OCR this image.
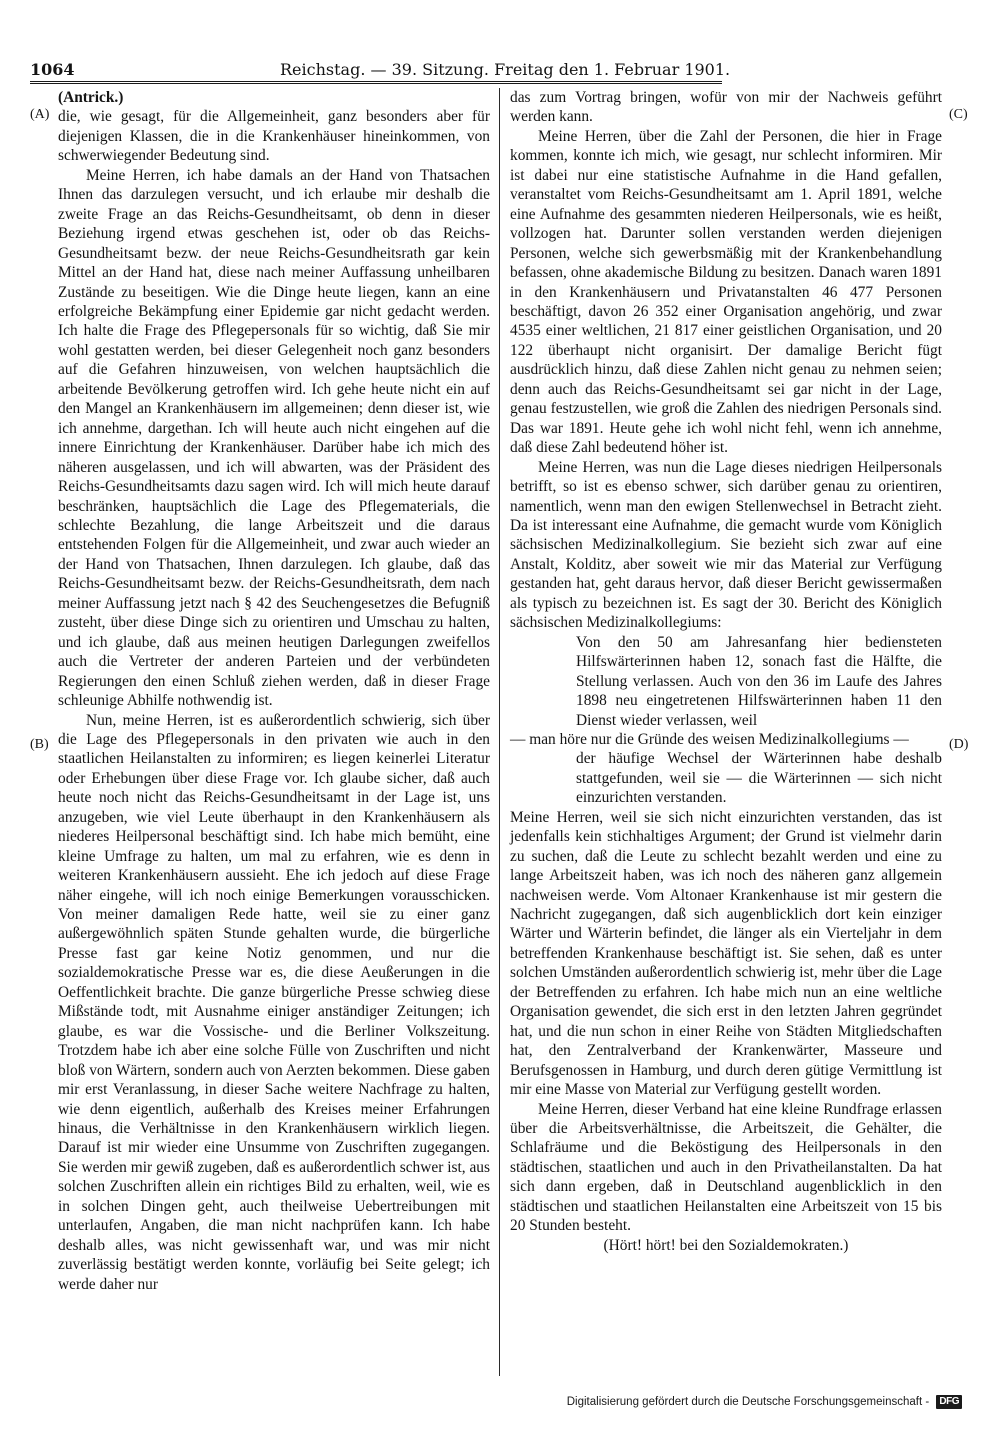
1064	Reichstag. — 39. Sitzung. Freitag den 1. Februar 1901.
(A)
(B)
(C)
(D)

(Antrick.)

die, wie gesagt, für die Allgemeinheit, ganz besonders aber für diejenigen Klassen, die in die Krankenhäuser hineinkommen, von schwerwiegender Bedeutung sind.

Meine Herren, ich habe damals an der Hand von Thatsachen Ihnen das darzulegen versucht, und ich erlaube mir deshalb die zweite Frage an das Reichs-Gesundheitsamt, ob denn in dieser Beziehung irgend etwas geschehen ist, oder ob das Reichs-Gesundheitsamt bezw. der neue Reichs-Gesundheitsrath gar kein Mittel an der Hand hat, diese nach meiner Auffassung unheilbaren Zustände zu beseitigen. Wie die Dinge heute liegen, kann an eine erfolgreiche Bekämpfung einer Epidemie gar nicht gedacht werden. Ich halte die Frage des Pflegepersonals für so wichtig, daß Sie mir wohl gestatten werden, bei dieser Gelegenheit noch ganz besonders auf die Gefahren hinzuweisen, von welchen hauptsächlich die arbeitende Bevölkerung getroffen wird. Ich gehe heute nicht ein auf den Mangel an Krankenhäusern im allgemeinen; denn dieser ist, wie ich annehme, dargethan. Ich will heute auch nicht eingehen auf die innere Einrichtung der Krankenhäuser. Darüber habe ich mich des näheren ausgelassen, und ich will abwarten, was der Präsident des Reichs-Gesundheitsamts dazu sagen wird. Ich will mich heute darauf beschränken, hauptsächlich die Lage des Pflegematerials, die schlechte Bezahlung, die lange Arbeitszeit und die daraus entstehenden Folgen für die Allgemeinheit, und zwar auch wieder an der Hand von Thatsachen, Ihnen darzulegen. Ich glaube, daß das Reichs-Gesundheitsamt bezw. der Reichs-Gesundheitsrath, dem nach meiner Auffassung jetzt nach § 42 des Seuchengesetzes die Befugniß zusteht, über diese Dinge sich zu orientiren und Umschau zu halten, und ich glaube, daß aus meinen heutigen Darlegungen zweifellos auch die Vertreter der anderen Parteien und der verbündeten Regierungen den einen Schluß ziehen werden, daß in dieser Frage schleunige Abhilfe nothwendig ist.

Nun, meine Herren, ist es außerordentlich schwierig, sich über die Lage des Pflegepersonals in den privaten wie auch in den staatlichen Heilanstalten zu informiren; es liegen keinerlei Literatur oder Erhebungen über diese Frage vor. Ich glaube sicher, daß auch heute noch nicht das Reichs-Gesundheitsamt in der Lage ist, uns anzugeben, wie viel Leute überhaupt in den Krankenhäusern als niederes Heilpersonal beschäftigt sind. Ich habe mich bemüht, eine kleine Umfrage zu halten, um mal zu erfahren, wie es denn in weiteren Krankenhäusern aussieht. Ehe ich jedoch auf diese Frage näher eingehe, will ich noch einige Bemerkungen vorausschicken. Von meiner damaligen Rede hatte, weil sie zu einer ganz außergewöhnlich späten Stunde gehalten wurde, die bürgerliche Presse fast gar keine Notiz genommen, und nur die sozialdemokratische Presse war es, die diese Aeußerungen in die Oeffentlichkeit brachte. Die ganze bürgerliche Presse schwieg diese Mißstände todt, mit Ausnahme einiger anständiger Zeitungen; ich glaube, es war die Vossische- und die Berliner Volkszeitung. Trotzdem habe ich aber eine solche Fülle von Zuschriften und nicht bloß von Wärtern, sondern auch von Aerzten bekommen. Diese gaben mir erst Veranlassung, in dieser Sache weitere Nachfrage zu halten, wie denn eigentlich, außerhalb des Kreises meiner Erfahrungen hinaus, die Verhältnisse in den Krankenhäusern wirklich liegen. Darauf ist mir wieder eine Unsumme von Zuschriften zugegangen. Sie werden mir gewiß zugeben, daß es außerordentlich schwer ist, aus solchen Zuschriften allein ein richtiges Bild zu erhalten, weil, wie es in solchen Dingen geht, auch theilweise Uebertreibungen mit unterlaufen, Angaben, die man nicht nachprüfen kann. Ich habe deshalb alles, was nicht gewissenhaft war, und was mir nicht zuverlässig bestätigt werden konnte, vorläufig bei Seite gelegt; ich werde daher nur

das zum Vortrag bringen, wofür von mir der Nachweis geführt werden kann.

Meine Herren, über die Zahl der Personen, die hier in Frage kommen, konnte ich mich, wie gesagt, nur schlecht informiren. Mir ist dabei nur eine statistische Aufnahme in die Hand gefallen, veranstaltet vom Reichs-Gesundheitsamt am 1. April 1891, welche eine Aufnahme des gesammten niederen Heilpersonals, wie es heißt, vollzogen hat. Darunter sollen verstanden werden diejenigen Personen, welche sich gewerbsmäßig mit der Krankenbehandlung befassen, ohne akademische Bildung zu besitzen. Danach waren 1891 in den Krankenhäusern und Privatanstalten 46 477 Personen beschäftigt, davon 26 352 einer Organisation angehörig, und zwar 4535 einer weltlichen, 21 817 einer geistlichen Organisation, und 20 122 überhaupt nicht organisirt. Der damalige Bericht fügt ausdrücklich hinzu, daß diese Zahlen nicht genau zu nehmen seien; denn auch das Reichs-Gesundheitsamt sei gar nicht in der Lage, genau festzustellen, wie groß die Zahlen des niedrigen Personals sind. Das war 1891. Heute gehe ich wohl nicht fehl, wenn ich annehme, daß diese Zahl bedeutend höher ist.

Meine Herren, was nun die Lage dieses niedrigen Heilpersonals betrifft, so ist es ebenso schwer, sich darüber genau zu orientiren, namentlich, wenn man den ewigen Stellenwechsel in Betracht zieht. Da ist interessant eine Aufnahme, die gemacht wurde vom Königlich sächsischen Medizinalkollegium. Sie bezieht sich zwar auf eine Anstalt, Kolditz, aber soweit wie mir das Material zur Verfügung gestanden hat, geht daraus hervor, daß dieser Bericht gewissermaßen als typisch zu bezeichnen ist. Es sagt der 30. Bericht des Königlich sächsischen Medizinalkollegiums:

Von den 50 am Jahresanfang hier bediensteten Hilfswärterinnen haben 12, sonach fast die Hälfte, die Stellung verlassen. Auch von den 36 im Laufe des Jahres 1898 neu eingetretenen Hilfswärterinnen haben 11 den Dienst wieder verlassen, weil

— man höre nur die Gründe des weisen Medizinalkollegiums —

der häufige Wechsel der Wärterinnen habe deshalb stattgefunden, weil sie — die Wärterinnen — sich nicht einzurichten verstanden.

Meine Herren, weil sie sich nicht einzurichten verstanden, das ist jedenfalls kein stichhaltiges Argument; der Grund ist vielmehr darin zu suchen, daß die Leute zu schlecht bezahlt werden und eine zu lange Arbeitszeit haben, was ich noch des näheren ganz allgemein nachweisen werde. Vom Altonaer Krankenhause ist mir gestern die Nachricht zugegangen, daß sich augenblicklich dort kein einziger Wärter und Wärterin befindet, die länger als ein Vierteljahr in dem betreffenden Krankenhause beschäftigt ist. Sie sehen, daß es unter solchen Umständen außerordentlich schwierig ist, mehr über die Lage der Betreffenden zu erfahren. Ich habe mich nun an eine weltliche Organisation gewendet, die sich erst in den letzten Jahren gegründet hat, und die nun schon in einer Reihe von Städten Mitgliedschaften hat, den Zentralverband der Krankenwärter, Masseure und Berufsgenossen in Hamburg, und durch deren gütige Vermittlung ist mir eine Masse von Material zur Verfügung gestellt worden.

Meine Herren, dieser Verband hat eine kleine Rundfrage erlassen über die Arbeitsverhältnisse, die Arbeitszeit, die Gehälter, die Schlafräume und die Beköstigung des Heilpersonals in den städtischen, staatlichen und auch in den Privatheilanstalten. Da hat sich dann ergeben, daß in Deutschland augenblicklich in den städtischen und staatlichen Heilanstalten eine Arbeitszeit von 15 bis 20 Stunden besteht.

(Hört! hört! bei den Sozialdemokraten.)

Digitalisierung gefördert durch die Deutsche Forschungsgemeinschaft - DFG
